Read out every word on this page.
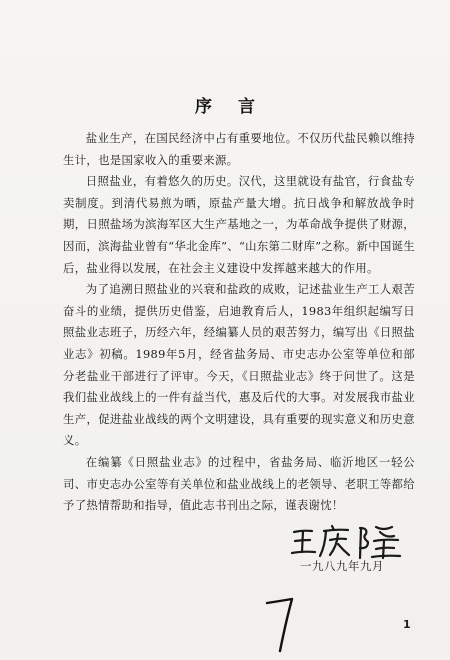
序言

盐业生产，在国民经济中占有重要地位。不仅历代盐民赖以维持生计，也是国家收入的重要来源。

日照盐业，有着悠久的历史。汉代，这里就设有盐官，行食盐专卖制度。到清代易煎为晒，原盐产量大增。抗日战争和解放战争时期，日照盐场为滨海军区大生产基地之一，为革命战争提供了财源，因而，滨海盐业曾有“华北金库”、“山东第二财库”之称。新中国诞生后，盐业得以发展，在社会主义建设中发挥越来越大的作用。

为了追溯日照盐业的兴衰和盐政的成败，记述盐业生产工人艰苦奋斗的业绩，提供历史借鉴，启迪教育后人，1983年组织起编写日照盐业志班子，历经六年，经编纂人员的艰苦努力，编写出《日照盐业志》初稿。1989年5月，经省盐务局、市史志办公室等单位和部分老盐业干部进行了评审。今天，《日照盐业志》终于问世了。这是我们盐业战线上的一件有益当代，惠及后代的大事。对发展我市盐业生产，促进盐业战线的两个文明建设，具有重要的现实意义和历史意义。

在编纂《日照盐业志》的过程中，省盐务局、临沂地区一轻公司、市史志办公室等有关单位和盐业战线上的老领导、老职工等都给予了热情帮助和指导，值此志书刊出之际，谨表谢忱！

一九八九年九月
1
